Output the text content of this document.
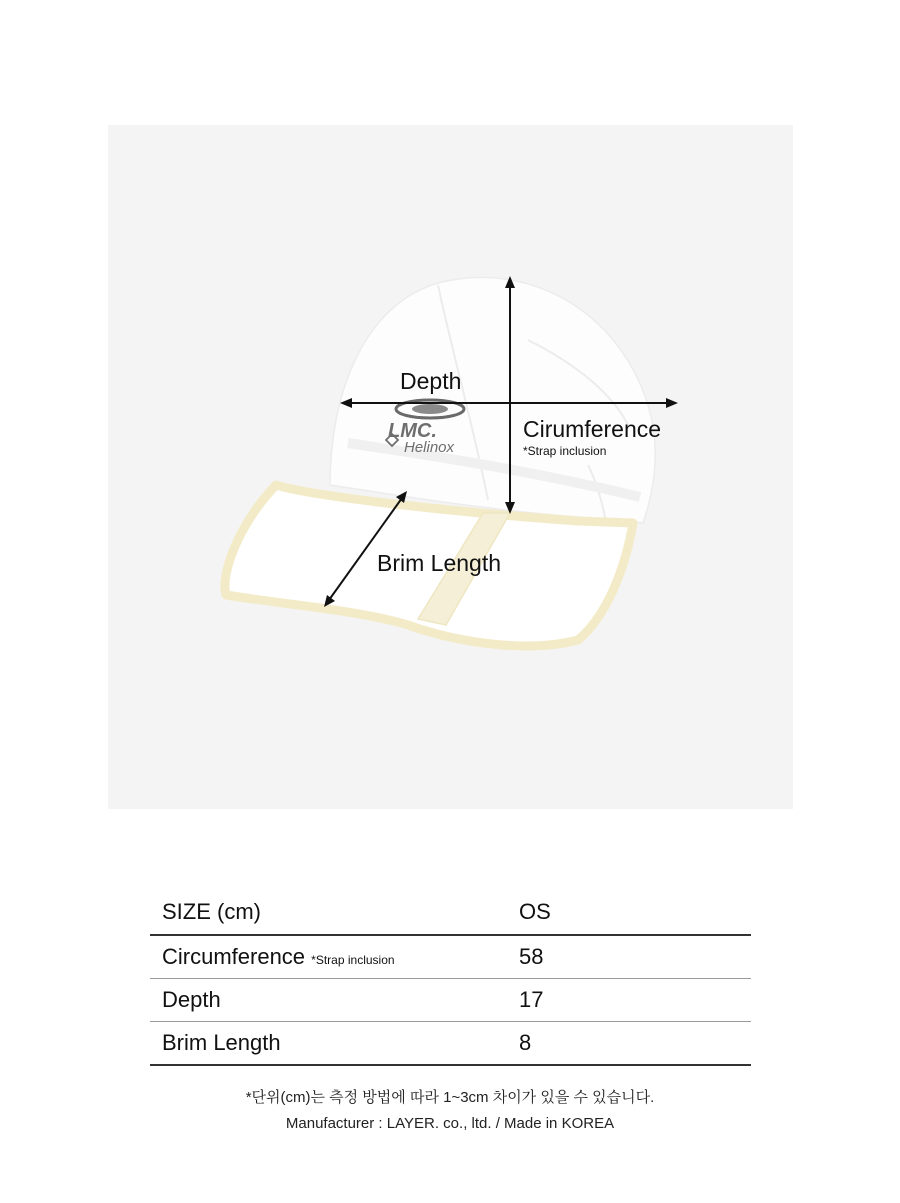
LMC.
Helinox
Depth
Cirumference
*Strap inclusion
Brim Length
SIZE (cm)	OS
Circumference *Strap inclusion	58
Depth	17
Brim Length	8
*단위(cm)는 측정 방법에 따라 1~3cm 차이가 있을 수 있습니다.
Manufacturer : LAYER. co., ltd. / Made in KOREA
